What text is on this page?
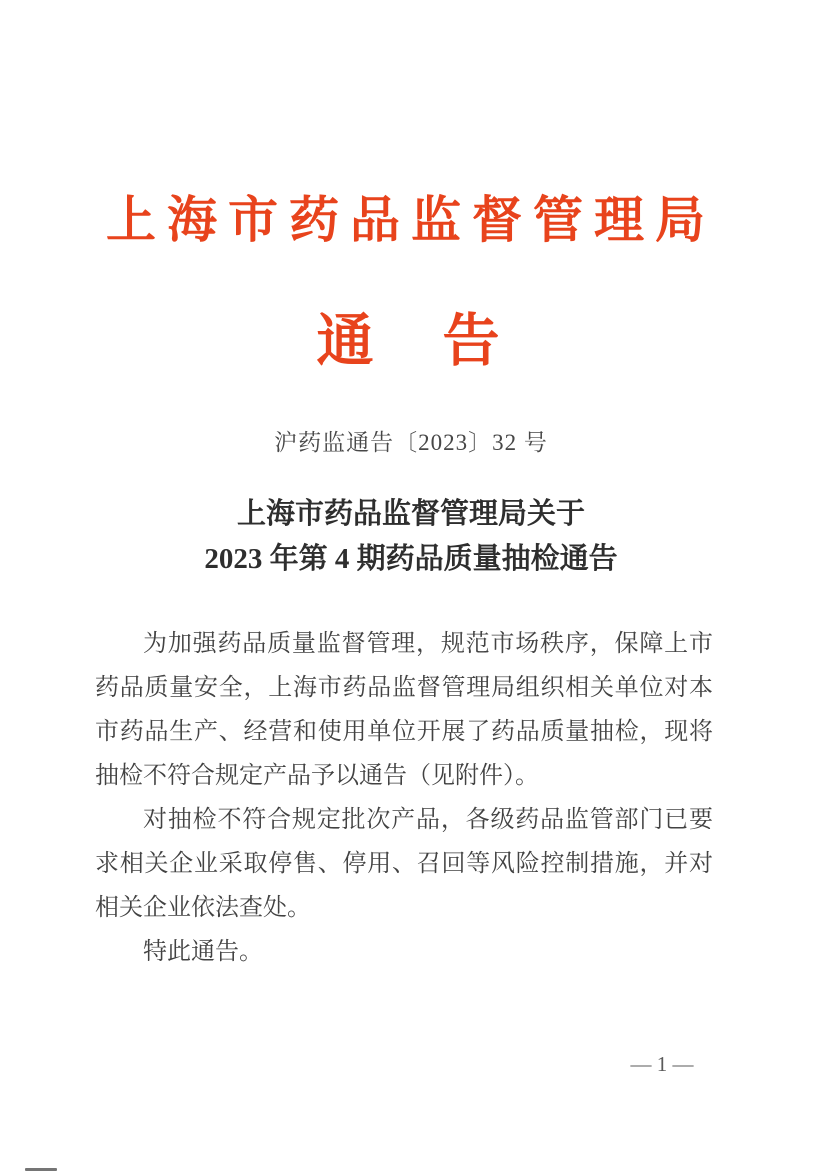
上海市药品监督管理局
通　告
沪药监通告〔2023〕32 号
上海市药品监督管理局关于
2023 年第 4 期药品质量抽检通告

为加强药品质量监督管理，规范市场秩序，保障上市药品质量安全，上海市药品监督管理局组织相关单位对本市药品生产、经营和使用单位开展了药品质量抽检，现将抽检不符合规定产品予以通告（见附件）。

对抽检不符合规定批次产品，各级药品监管部门已要求相关企业采取停售、停用、召回等风险控制措施，并对相关企业依法查处。

特此通告。

— 1 —
